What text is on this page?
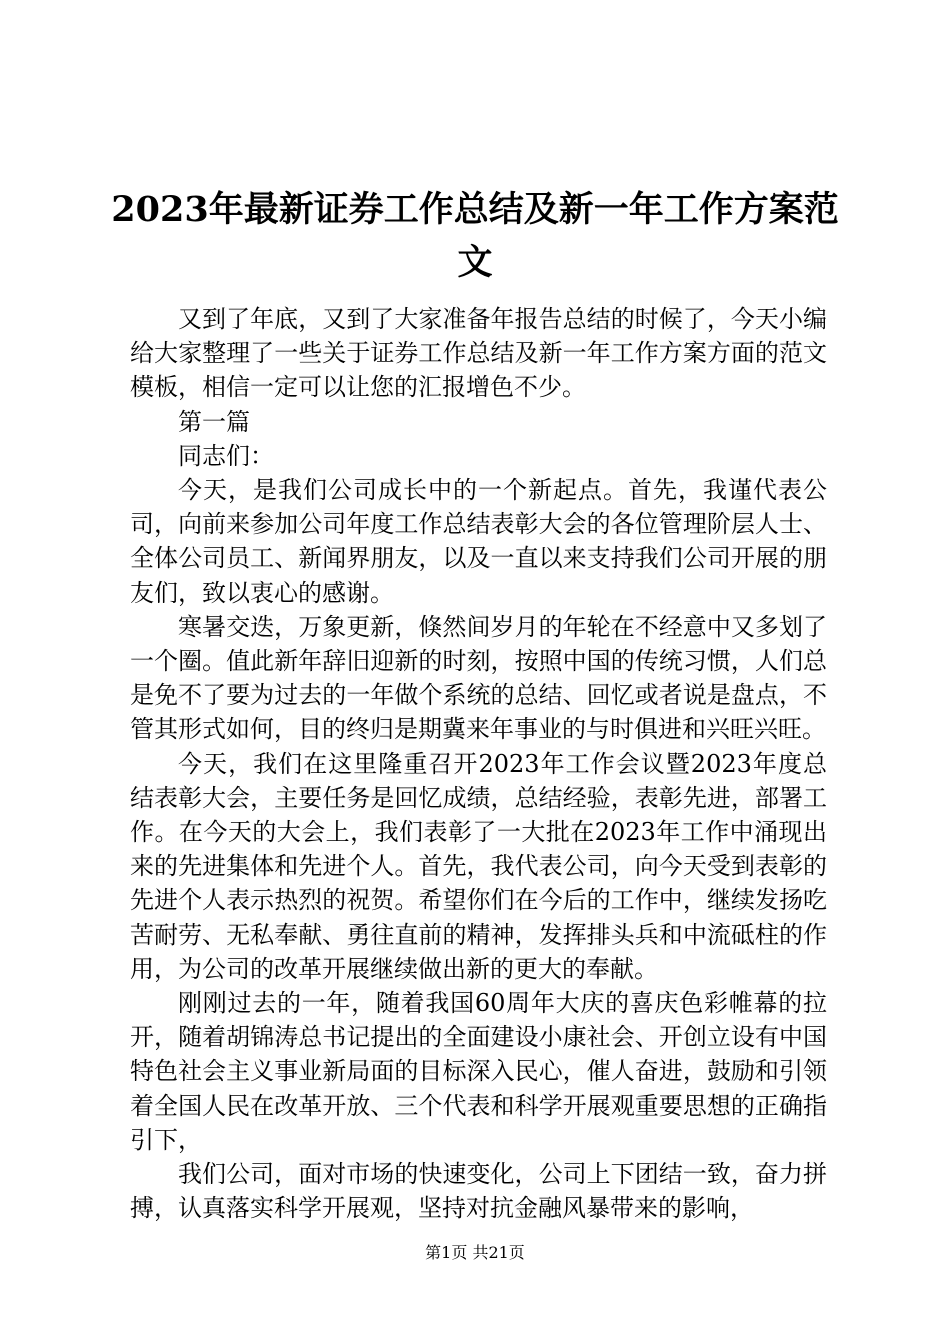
2023年最新证券工作总结及新一年工作方案范文

又到了年底，又到了大家准备年报告总结的时候了，今天小编给大家整理了一些关于证券工作总结及新一年工作方案方面的范文模板，相信一定可以让您的汇报增色不少。

第一篇

同志们：

今天，是我们公司成长中的一个新起点。首先，我谨代表公司，向前来参加公司年度工作总结表彰大会的各位管理阶层人士、全体公司员工、新闻界朋友，以及一直以来支持我们公司开展的朋友们，致以衷心的感谢。

寒暑交迭，万象更新，倏然间岁月的年轮在不经意中又多划了一个圈。值此新年辞旧迎新的时刻，按照中国的传统习惯，人们总是免不了要为过去的一年做个系统的总结、回忆或者说是盘点，不管其形式如何，目的终归是期冀来年事业的与时俱进和兴旺兴旺。

今天，我们在这里隆重召开2023年工作会议暨2023年度总结表彰大会，主要任务是回忆成绩，总结经验，表彰先进，部署工作。在今天的大会上，我们表彰了一大批在2023年工作中涌现出来的先进集体和先进个人。首先，我代表公司，向今天受到表彰的先进个人表示热烈的祝贺。希望你们在今后的工作中，继续发扬吃苦耐劳、无私奉献、勇往直前的精神，发挥排头兵和中流砥柱的作用，为公司的改革开展继续做出新的更大的奉献。

刚刚过去的一年，随着我国60周年大庆的喜庆色彩帷幕的拉开，随着胡锦涛总书记提出的全面建设小康社会、开创立设有中国特色社会主义事业新局面的目标深入民心，催人奋进，鼓励和引领着全国人民在改革开放、三个代表和科学开展观重要思想的正确指引下，

我们公司，面对市场的快速变化，公司上下团结一致，奋力拼搏，认真落实科学开展观，坚持对抗金融风暴带来的影响，

第1页 共21页
